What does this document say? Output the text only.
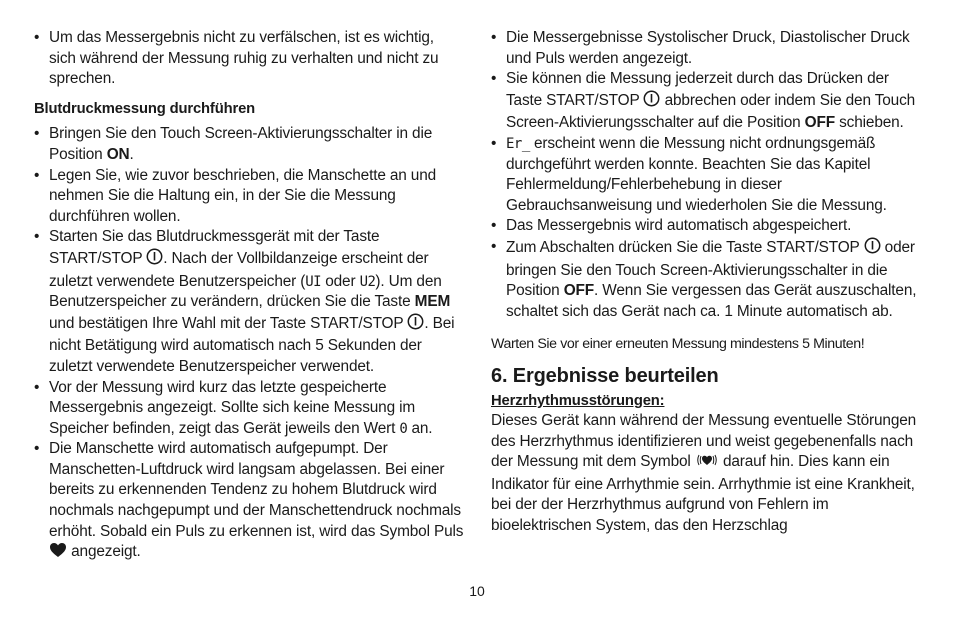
• Um das Messergebnis nicht zu verfälschen, ist es wichtig, sich während der Messung ruhig zu verhalten und nicht zu sprechen.
Blutdruckmessung durchführen
• Bringen Sie den Touch Screen-Aktivierungsschalter in die Position ON.
• Legen Sie, wie zuvor beschrieben, die Manschette an und nehmen Sie die Haltung ein, in der Sie die Messung durchführen wollen.
• Starten Sie das Blutdruckmessgerät mit der Taste START/STOP . Nach der Vollbildanzeige erscheint der zuletzt verwendete Benutzerspeicher (UI oder U2). Um den Benutzerspeicher zu verändern, drücken Sie die Taste MEM und bestätigen Ihre Wahl mit der Taste START/STOP . Bei nicht Betätigung wird automatisch nach 5 Sekunden der zuletzt verwendete Benutzerspeicher verwendet.
• Vor der Messung wird kurz das letzte gespeicherte Messergebnis angezeigt. Sollte sich keine Messung im Speicher befinden, zeigt das Gerät jeweils den Wert 0 an.
• Die Manschette wird automatisch aufgepumpt. Der Manschetten-Luftdruck wird langsam abgelassen. Bei einer bereits zu erkennenden Tendenz zu hohem Blutdruck wird nochmals nachgepumpt und der Manschettendruck nochmals erhöht. Sobald ein Puls zu erkennen ist, wird das Symbol Puls  angezeigt.
• Die Messergebnisse Systolischer Druck, Diastolischer Druck und Puls werden angezeigt.
• Sie können die Messung jederzeit durch das Drücken der Taste START/STOP abbrechen oder indem Sie den Touch Screen-Aktivierungsschalter auf die Position OFF schieben.
• Er_ erscheint wenn die Messung nicht ordnungsgemäß durchgeführt werden konnte. Beachten Sie das Kapitel Fehlermeldung/Fehlerbehebung in dieser Gebrauchsanweisung und wiederholen Sie die Messung.
• Das Messergebnis wird automatisch abgespeichert.
• Zum Abschalten drücken Sie die Taste START/STOP oder bringen Sie den Touch Screen-Aktivierungsschalter in die Position OFF. Wenn Sie vergessen das Gerät auszuschalten, schaltet sich das Gerät nach ca. 1 Minute automatisch ab.
Warten Sie vor einer erneuten Messung mindestens 5 Minuten!
6. Ergebnisse beurteilen
Herzrhythmusstörungen:
Dieses Gerät kann während der Messung eventuelle Störungen des Herzrhythmus identifizieren und weist gegebenenfalls nach der Messung mit dem Symbol darauf hin. Dies kann ein Indikator für eine Arrhythmie sein. Arrhythmie ist eine Krankheit, bei der der Herzrhythmus aufgrund von Fehlern im bioelektrischen System, das den Herzschlag
10
